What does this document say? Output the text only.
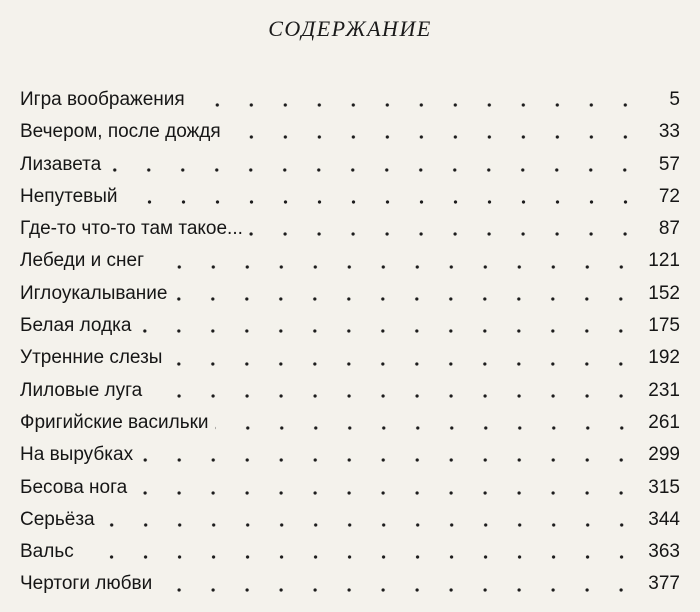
СОДЕРЖАНИЕ
Игра воображения	5
Вечером, после дождя	33
Лизавета	57
Непутевый	72
Где-то что-то там такое...	87
Лебеди и снег	121
Иглоукалывание	152
Белая лодка	175
Утренние слезы	192
Лиловые луга	231
Фригийские васильки	261
На вырубках	299
Бесова нога	315
Серьёза	344
Вальс	363
Чертоги любви	377
